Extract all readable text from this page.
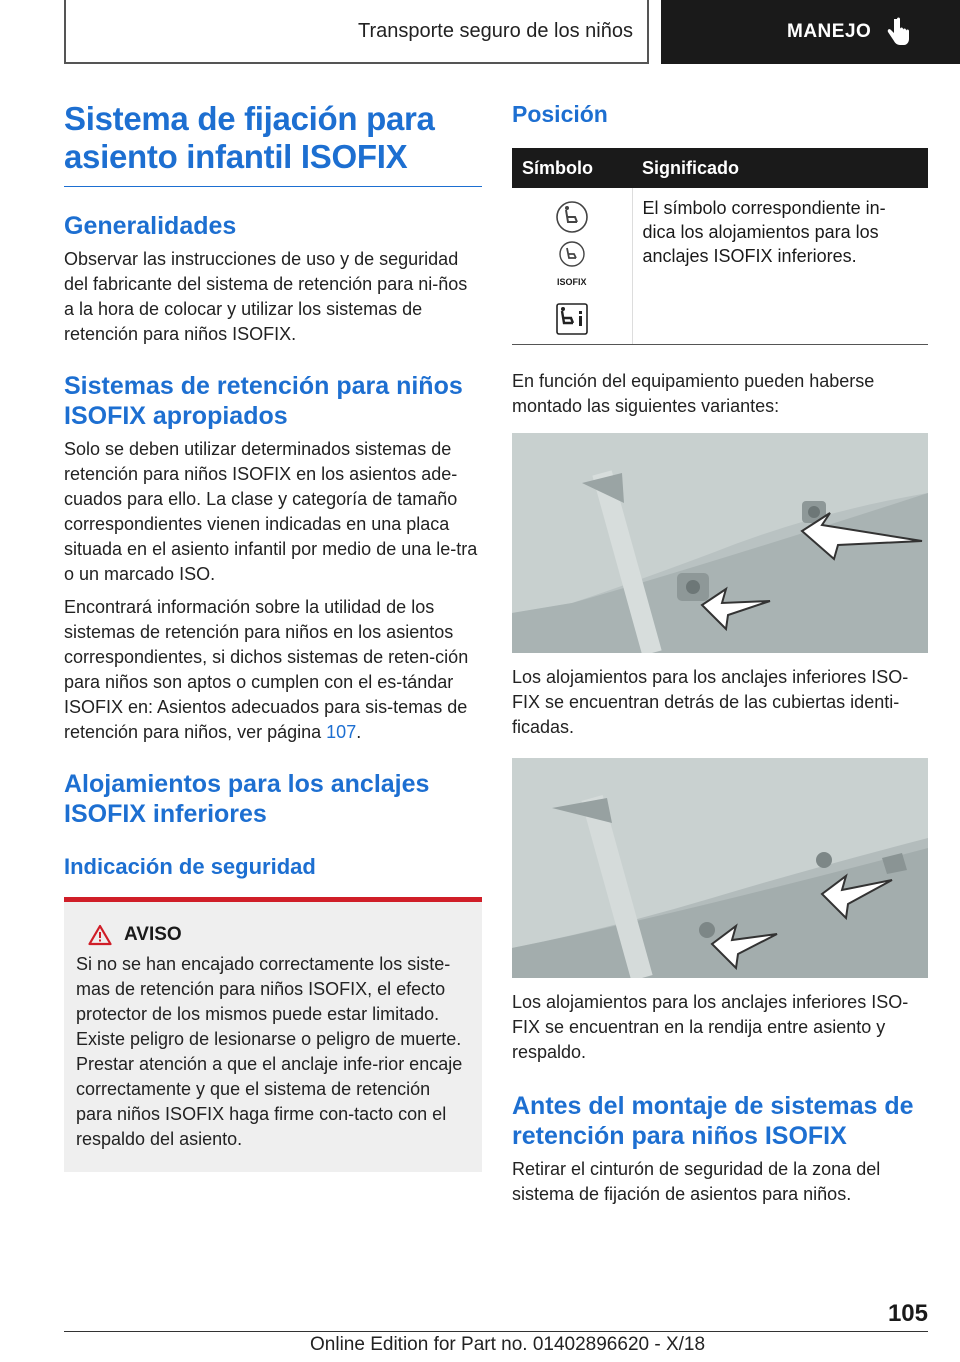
Transporte seguro de los niños	MANEJO
Sistema de fijación para asiento infantil ISOFIX
Generalidades

Observar las instrucciones de uso y de seguridad del fabricante del sistema de retención para ni-ños a la hora de colocar y utilizar los sistemas de retención para niños ISOFIX.

Sistemas de retención para niños ISOFIX apropiados

Solo se deben utilizar determinados sistemas de retención para niños ISOFIX en los asientos ade-cuados para ello. La clase y categoría de tamaño correspondientes vienen indicadas en una placa situada en el asiento infantil por medio de una le-tra o un marcado ISO.

Encontrará información sobre la utilidad de los sistemas de retención para niños en los asientos correspondientes, si dichos sistemas de reten-ción para niños son aptos o cumplen con el es-tándar ISOFIX en: Asientos adecuados para sis-temas de retención para niños, ver página 107.

Alojamientos para los anclajes ISOFIX inferiores
Indicación de seguridad
AVISO

Si no se han encajado correctamente los siste-mas de retención para niños ISOFIX, el efecto protector de los mismos puede estar limitado. Existe peligro de lesionarse o peligro de muerte. Prestar atención a que el anclaje infe-rior encaje correctamente y que el sistema de retención para niños ISOFIX haga firme con-tacto con el respaldo del asiento.

Posición
Símbolo	Significado

ISOFIX	El símbolo correspondiente in-dica los alojamientos para los anclajes ISOFIX inferiores.

En función del equipamiento pueden haberse montado las siguientes variantes:

Los alojamientos para los anclajes inferiores ISO-FIX se encuentran detrás de las cubiertas identi-ficadas.

Los alojamientos para los anclajes inferiores ISO-FIX se encuentran en la rendija entre asiento y respaldo.

Antes del montaje de sistemas de retención para niños ISOFIX

Retirar el cinturón de seguridad de la zona del sistema de fijación de asientos para niños.

105
Online Edition for Part no. 01402896620 - X/18
